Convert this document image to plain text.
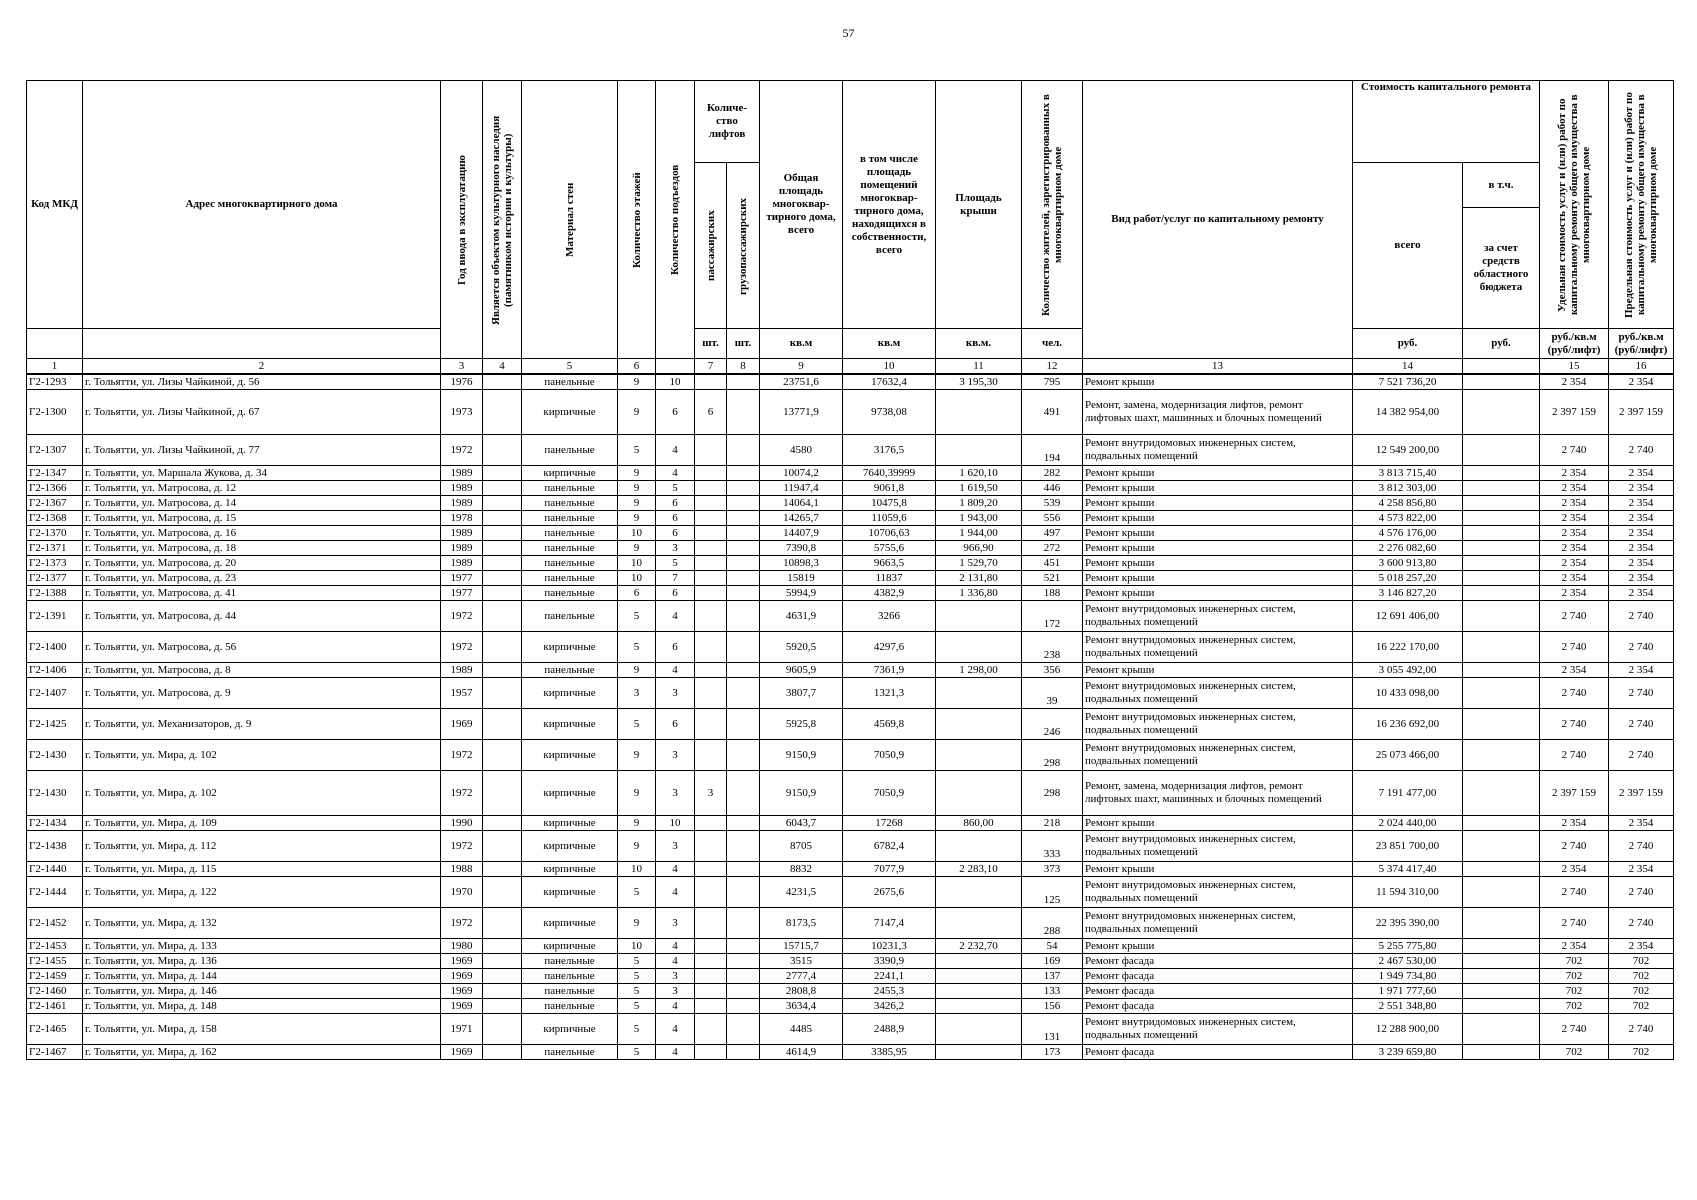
57
Код МКД	Адрес многоквартирного дома	Год ввода в эксплуатацию	Является объектом культурного наследия (памятником истории и культуры)	Материал стен	Количество этажей	Количество подъездов	Количе-ство лифтов		Общая площадь многоквар-тирного дома, всего	в том числе площадь помещений многоквар-тирного дома, находящихся в собственности, всего	Площадь крыши	Количество жителей, зарегистрированных в многоквартирном доме	Вид работ/услуг по капитальному ремонту	Стоимость капитального ремонта		Удельная стоимость услуг и (или) работ по капитальному ремонту общего имущества в многоквартирном доме	Предельная стоимость услуг и (или) работ по капитальному ремонту общего имущества в многоквартирном доме

							пассажирских	грузопассажирских						всего	в т.ч.
за счет средств областного бюджета		

							шт.	шт.	кв.м	кв.м	кв.м.	чел.		руб.	руб.	руб./кв.м (руб/лифт)	руб./кв.м (руб/лифт)
1	2	3	4	5	6		7	8	9	10	11	12	13	14		15	16
Г2-1293	г. Тольятти, ул. Лизы Чайкиной, д. 56	1976		панельные	9	10			23751,6	17632,4	3 195,30	795	Ремонт крыши	7 521 736,20		2 354	2 354
Г2-1300	г. Тольятти, ул. Лизы Чайкиной, д. 67	1973		кирпичные	9	6	6		13771,9	9738,08		491	Ремонт, замена, модернизация лифтов, ремонт лифтовых шахт, машинных и блочных помещений	14 382 954,00		2 397 159	2 397 159
Г2-1307	г. Тольятти, ул. Лизы Чайкиной, д. 77	1972		панельные	5	4			4580	3176,5		194	Ремонт внутридомовых инженерных систем, подвальных помещений	12 549 200,00		2 740	2 740
Г2-1347	г. Тольятти, ул. Маршала Жукова, д. 34	1989		кирпичные	9	4			10074,2	7640,39999	1 620,10	282	Ремонт крыши	3 813 715,40		2 354	2 354
Г2-1366	г. Тольятти, ул. Матросова, д. 12	1989		панельные	9	5			11947,4	9061,8	1 619,50	446	Ремонт крыши	3 812 303,00		2 354	2 354
Г2-1367	г. Тольятти, ул. Матросова, д. 14	1989		панельные	9	6			14064,1	10475,8	1 809,20	539	Ремонт крыши	4 258 856,80		2 354	2 354
Г2-1368	г. Тольятти, ул. Матросова, д. 15	1978		панельные	9	6			14265,7	11059,6	1 943,00	556	Ремонт крыши	4 573 822,00		2 354	2 354
Г2-1370	г. Тольятти, ул. Матросова, д. 16	1989		панельные	10	6			14407,9	10706,63	1 944,00	497	Ремонт крыши	4 576 176,00		2 354	2 354
Г2-1371	г. Тольятти, ул. Матросова, д. 18	1989		панельные	9	3			7390,8	5755,6	966,90	272	Ремонт крыши	2 276 082,60		2 354	2 354
Г2-1373	г. Тольятти, ул. Матросова, д. 20	1989		панельные	10	5			10898,3	9663,5	1 529,70	451	Ремонт крыши	3 600 913,80		2 354	2 354
Г2-1377	г. Тольятти, ул. Матросова, д. 23	1977		панельные	10	7			15819	11837	2 131,80	521	Ремонт крыши	5 018 257,20		2 354	2 354
Г2-1388	г. Тольятти, ул. Матросова, д. 41	1977		панельные	6	6			5994,9	4382,9	1 336,80	188	Ремонт крыши	3 146 827,20		2 354	2 354
Г2-1391	г. Тольятти, ул. Матросова, д. 44	1972		панельные	5	4			4631,9	3266		172	Ремонт внутридомовых инженерных систем, подвальных помещений	12 691 406,00		2 740	2 740
Г2-1400	г. Тольятти, ул. Матросова, д. 56	1972		кирпичные	5	6			5920,5	4297,6		238	Ремонт внутридомовых инженерных систем, подвальных помещений	16 222 170,00		2 740	2 740
Г2-1406	г. Тольятти, ул. Матросова, д. 8	1989		панельные	9	4			9605,9	7361,9	1 298,00	356	Ремонт крыши	3 055 492,00		2 354	2 354
Г2-1407	г. Тольятти, ул. Матросова, д. 9	1957		кирпичные	3	3			3807,7	1321,3		39	Ремонт внутридомовых инженерных систем, подвальных помещений	10 433 098,00		2 740	2 740
Г2-1425	г. Тольятти, ул. Механизаторов, д. 9	1969		кирпичные	5	6			5925,8	4569,8		246	Ремонт внутридомовых инженерных систем, подвальных помещений	16 236 692,00		2 740	2 740
Г2-1430	г. Тольятти, ул. Мира, д. 102	1972		кирпичные	9	3			9150,9	7050,9		298	Ремонт внутридомовых инженерных систем, подвальных помещений	25 073 466,00		2 740	2 740
Г2-1430	г. Тольятти, ул. Мира, д. 102	1972		кирпичные	9	3	3		9150,9	7050,9		298	Ремонт, замена, модернизация лифтов, ремонт лифтовых шахт, машинных и блочных помещений	7 191 477,00		2 397 159	2 397 159
Г2-1434	г. Тольятти, ул. Мира, д. 109	1990		кирпичные	9	10			6043,7	17268	860,00	218	Ремонт крыши	2 024 440,00		2 354	2 354
Г2-1438	г. Тольятти, ул. Мира, д. 112	1972		кирпичные	9	3			8705	6782,4		333	Ремонт внутридомовых инженерных систем, подвальных помещений	23 851 700,00		2 740	2 740
Г2-1440	г. Тольятти, ул. Мира, д. 115	1988		кирпичные	10	4			8832	7077,9	2 283,10	373	Ремонт крыши	5 374 417,40		2 354	2 354
Г2-1444	г. Тольятти, ул. Мира, д. 122	1970		кирпичные	5	4			4231,5	2675,6		125	Ремонт внутридомовых инженерных систем, подвальных помещений	11 594 310,00		2 740	2 740
Г2-1452	г. Тольятти, ул. Мира, д. 132	1972		кирпичные	9	3			8173,5	7147,4		288	Ремонт внутридомовых инженерных систем, подвальных помещений	22 395 390,00		2 740	2 740
Г2-1453	г. Тольятти, ул. Мира, д. 133	1980		кирпичные	10	4			15715,7	10231,3	2 232,70	54	Ремонт крыши	5 255 775,80		2 354	2 354
Г2-1455	г. Тольятти, ул. Мира, д. 136	1969		панельные	5	4			3515	3390,9		169	Ремонт фасада	2 467 530,00		702	702
Г2-1459	г. Тольятти, ул. Мира, д. 144	1969		панельные	5	3			2777,4	2241,1		137	Ремонт фасада	1 949 734,80		702	702
Г2-1460	г. Тольятти, ул. Мира, д. 146	1969		панельные	5	3			2808,8	2455,3		133	Ремонт фасада	1 971 777,60		702	702
Г2-1461	г. Тольятти, ул. Мира, д. 148	1969		панельные	5	4			3634,4	3426,2		156	Ремонт фасада	2 551 348,80		702	702
Г2-1465	г. Тольятти, ул. Мира, д. 158	1971		кирпичные	5	4			4485	2488,9		131	Ремонт внутридомовых инженерных систем, подвальных помещений	12 288 900,00		2 740	2 740
Г2-1467	г. Тольятти, ул. Мира, д. 162	1969		панельные	5	4			4614,9	3385,95		173	Ремонт фасада	3 239 659,80		702	702
